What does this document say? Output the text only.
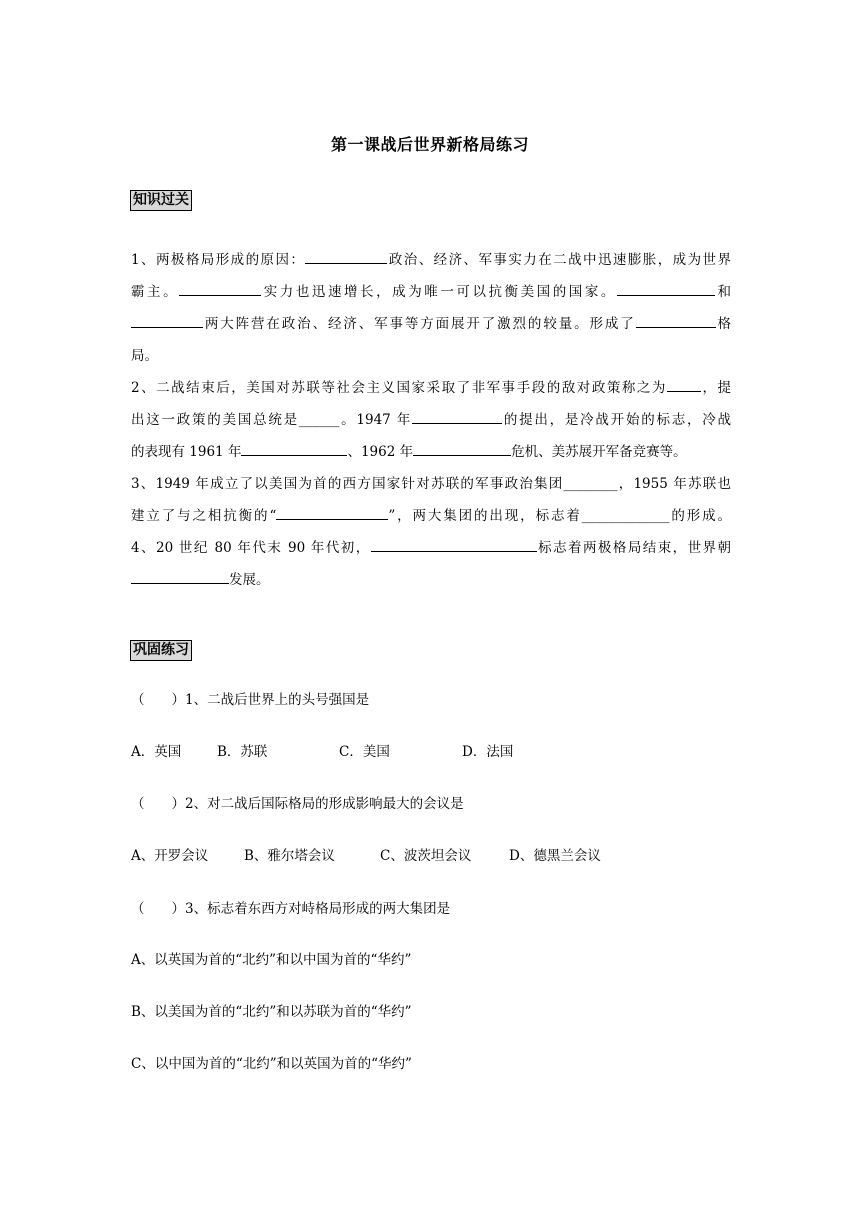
第一课战后世界新格局练习
知识过关

1、两极格局形成的原因：	政治、经济、军事实力在二战中迅速膨胀，成为世界

霸主。	实力也迅速增长，成为唯一可以抗衡美国的国家。	和

两大阵营在政治、经济、军事等方面展开了激烈的较量。形成了	格

局。

2、二战结束后，美国对苏联等社会主义国家采取了非军事手段的敌对政策称之为	，提

出这一政策的美国总统是______。1947 年	的提出，是冷战开始的标志，冷战

的表现有 1961 年	、1962 年	危机、美苏展开军备竞赛等。

3、1949 年成立了以美国为首的西方国家针对苏联的军事政治集团________，1955 年苏联也

建立了与之相抗衡的“	”，两大集团的出现，标志着_____________的形成。

4、20 世纪 80 年代末 90 年代初，	标志着两极格局结束，世界朝

发展。

巩固练习
（　　）1、二战后世界上的头号强国是
A．英国	B．苏联	C．美国	D．法国
（　　）2、对二战后国际格局的形成影响最大的会议是
A、开罗会议	B、雅尔塔会议	C、波茨坦会议	D、德黑兰会议
（　　）3、标志着东西方对峙格局形成的两大集团是
A、以英国为首的“北约”和以中国为首的“华约”
B、以美国为首的“北约”和以苏联为首的“华约”
C、以中国为首的“北约”和以英国为首的“华约”
